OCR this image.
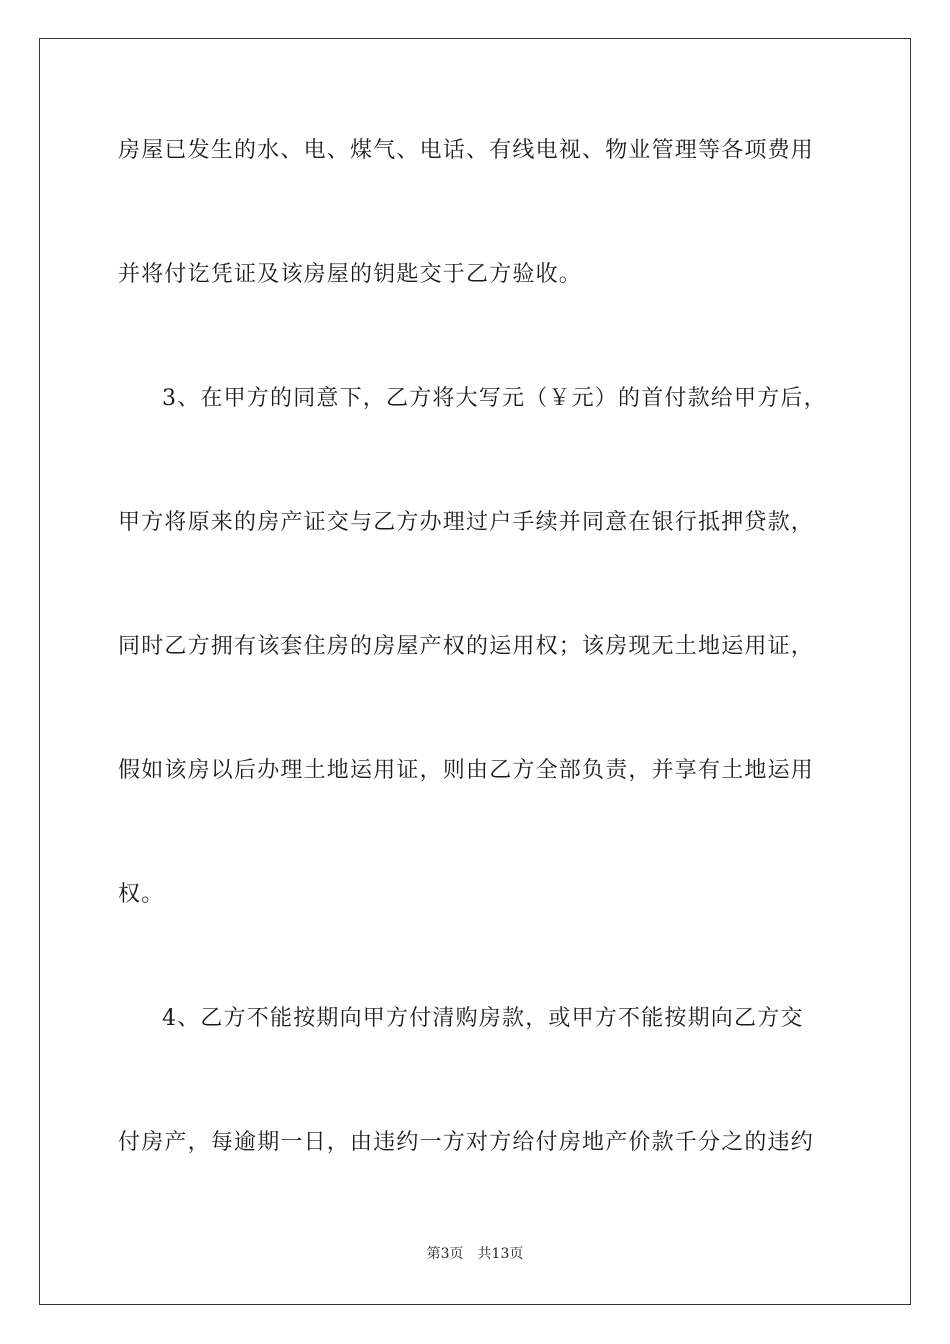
房屋已发生的水、电、煤气、电话、有线电视、物业管理等各项费用
并将付讫凭证及该房屋的钥匙交于乙方验收。
3、在甲方的同意下，乙方将大写元（￥元）的首付款给甲方后，
甲方将原来的房产证交与乙方办理过户手续并同意在银行抵押贷款，
同时乙方拥有该套住房的房屋产权的运用权；该房现无土地运用证，
假如该房以后办理土地运用证，则由乙方全部负责，并享有土地运用
权。
4、乙方不能按期向甲方付清购房款，或甲方不能按期向乙方交
付房产，每逾期一日，由违约一方对方给付房地产价款千分之的违约
第3页 共13页
